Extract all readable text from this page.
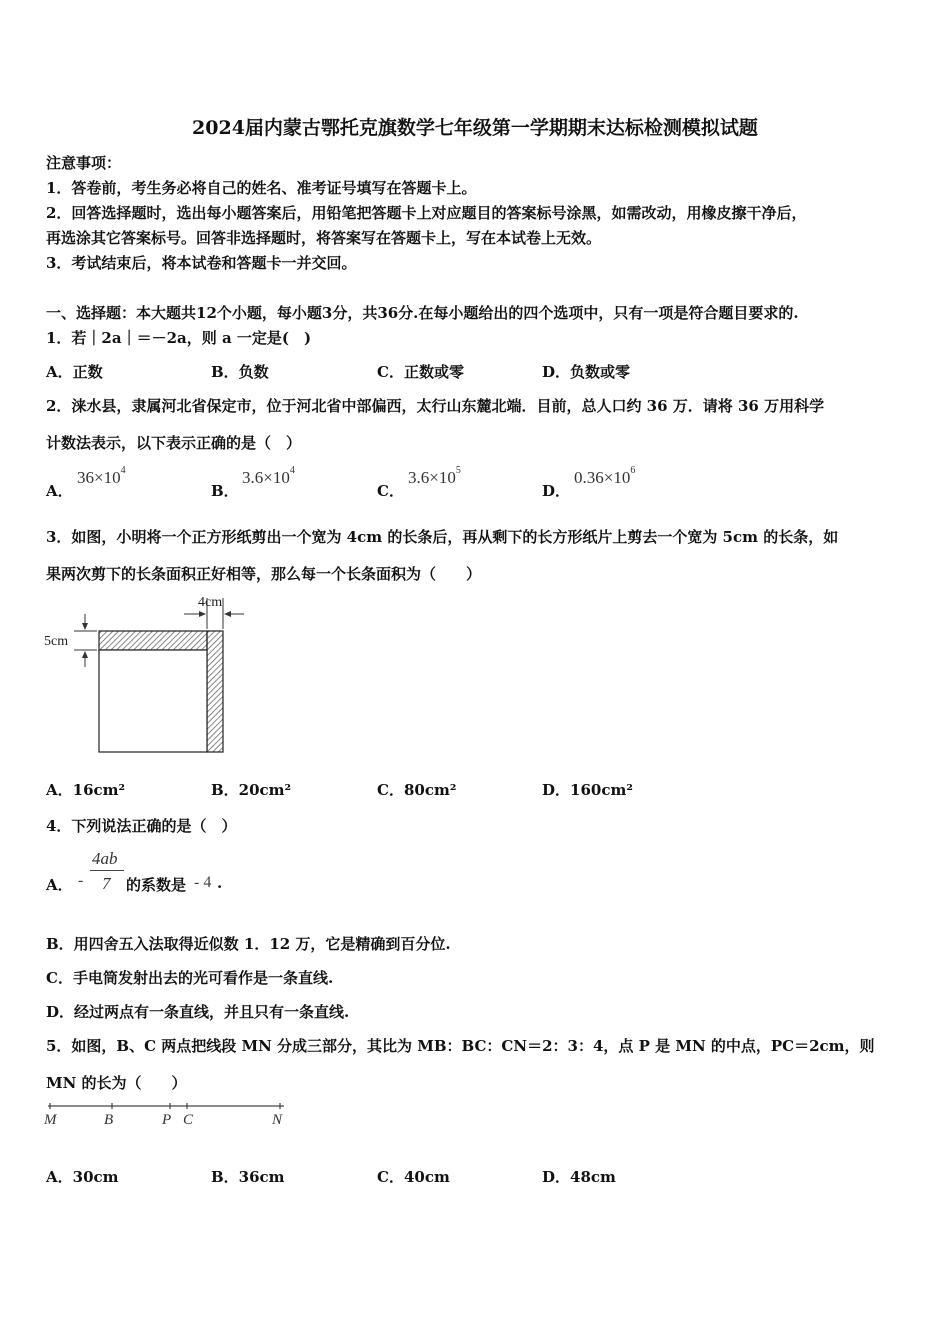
2024届内蒙古鄂托克旗数学七年级第一学期期末达标检测模拟试题
注意事项：
1．答卷前，考生务必将自己的姓名、准考证号填写在答题卡上。
2．回答选择题时，选出每小题答案后，用铅笔把答题卡上对应题目的答案标号涂黑，如需改动，用橡皮擦干净后，
再选涂其它答案标号。回答非选择题时，将答案写在答题卡上，写在本试卷上无效。
3．考试结束后，将本试卷和答题卡一并交回。
一、选择题：本大题共12个小题，每小题3分，共36分.在每小题给出的四个选项中，只有一项是符合题目要求的.
1．若｜2a｜＝－2a，则 a 一定是(　)
A．正数	B．负数	C．正数或零	D．负数或零
2．涞水县，隶属河北省保定市，位于河北省中部偏西，太行山东麓北端．目前，总人口约 36 万．请将 36 万用科学
计数法表示，以下表示正确的是（　）
A．
$36\times 10^4$
B．
$3.6\times 10^4$
C．
$3.6\times 10^5$
D．
$0.36\times 10^6$
3．如图，小明将一个正方形纸剪出一个宽为 4cm 的长条后，再从剩下的长方形纸片上剪去一个宽为 5cm 的长条，如
果两次剪下的长条面积正好相等，那么每一个长条面积为（　　）
4cm
5cm
A．16cm²	B．20cm²	C．80cm²	D．160cm²
4．下列说法正确的是（　）
A． -
4ab
7 的系数是 - 4 .
B．用四舍五入法取得近似数 1．12 万，它是精确到百分位.
C．手电筒发射出去的光可看作是一条直线.
D．经过两点有一条直线，并且只有一条直线.
5．如图，B、C 两点把线段 MN 分成三部分，其比为 MB：BC：CN＝2：3：4，点 P 是 MN 的中点，PC＝2cm，则
MN 的长为（　　）
M	B	P C	N
A．30cm	B．36cm	C．40cm	D．48cm
